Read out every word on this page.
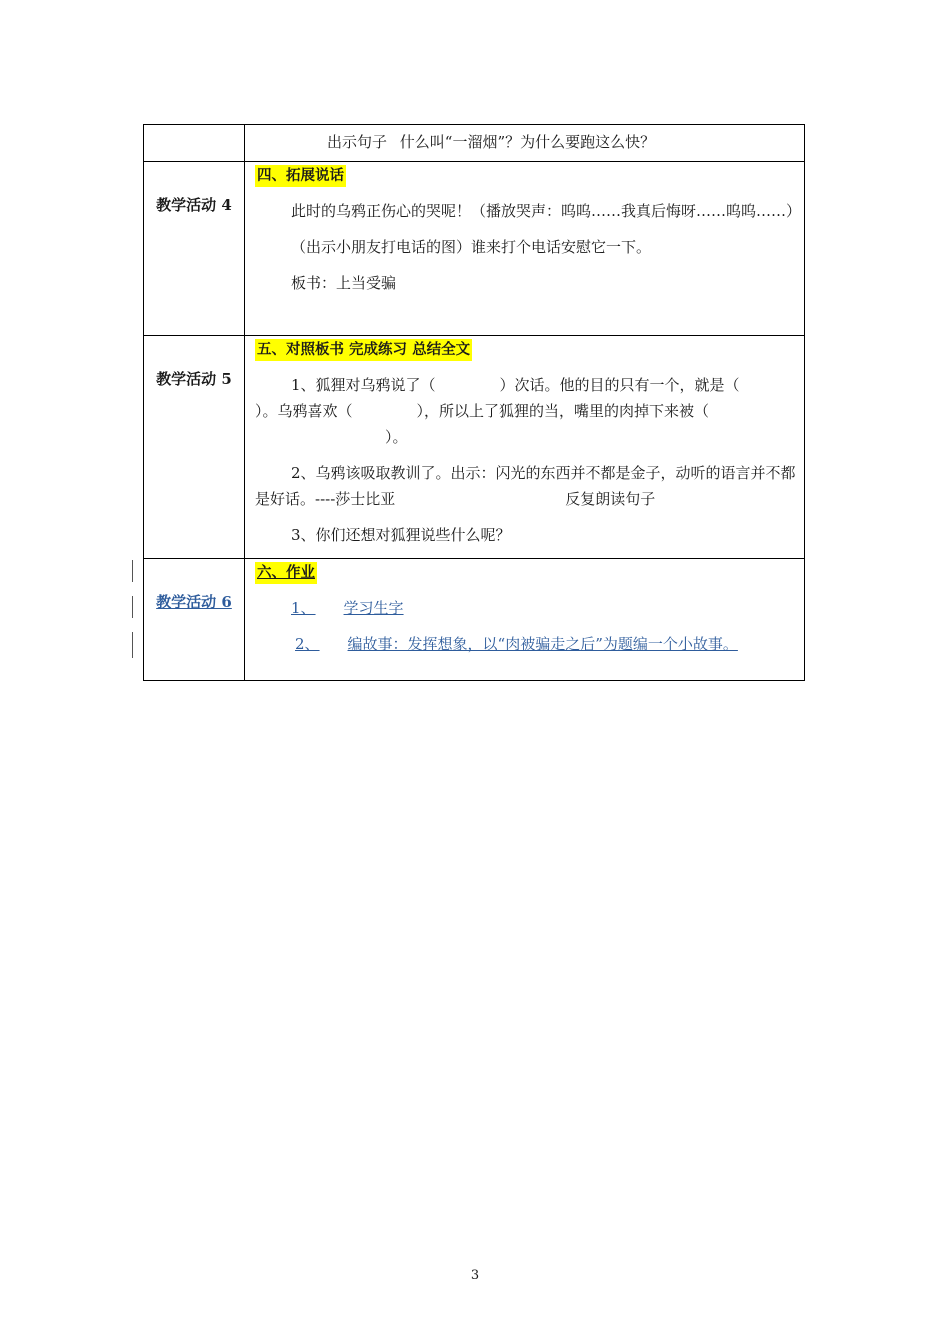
	出示句子 什么叫“一溜烟”？为什么要跑这么快？

教学活动 4	四、拓展说话

此时的乌鸦正伤心的哭呢！（播放哭声：呜呜……我真后悔呀……呜呜……）

（出示小朋友打电话的图）谁来打个电话安慰它一下。

板书：上当受骗

教学活动 5	五、对照板书 完成练习 总结全文

1、狐狸对乌鸦说了（ ）次话。他的目的只有一个，就是（）。乌鸦喜欢（ ），所以上了狐狸的当，嘴里的肉掉下来被（）。

2、乌鸦该吸取教训了。出示：闪光的东西并不都是金子，动听的语言并不都是好话。----莎士比亚 反复朗读句子

3、你们还想对狐狸说些什么呢？

教学活动 6	六、作业

1、 学习生字

2、 编故事：发挥想象，以“肉被骗走之后”为题编一个小故事。

3
